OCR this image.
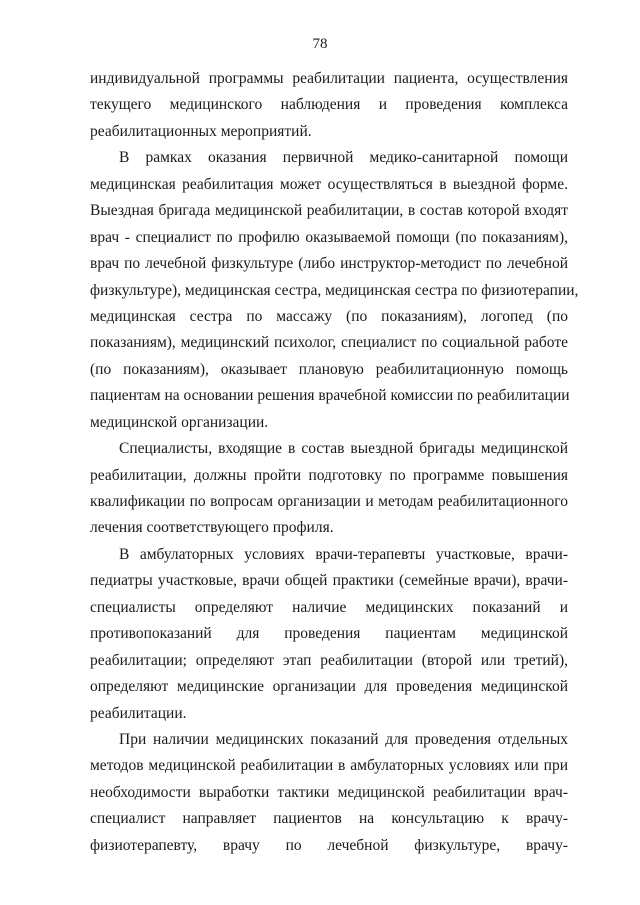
78
индивидуальной программы реабилитации пациента, осуществления
текущего медицинского наблюдения и проведения комплекса
реабилитационных мероприятий.
В рамках оказания первичной медико-санитарной помощи
медицинская реабилитация может осуществляться в выездной форме.
Выездная бригада медицинской реабилитации, в состав которой входят
врач - специалист по профилю оказываемой помощи (по показаниям),
врач по лечебной физкультуре (либо инструктор-методист по лечебной
физкультуре), медицинская сестра, медицинская сестра по физиотерапии,
медицинская сестра по массажу (по показаниям), логопед (по
показаниям), медицинский психолог, специалист по социальной работе
(по показаниям), оказывает плановую реабилитационную помощь
пациентам на основании решения врачебной комиссии по реабилитации
медицинской организации.
Специалисты, входящие в состав выездной бригады медицинской
реабилитации, должны пройти подготовку по программе повышения
квалификации по вопросам организации и методам реабилитационного
лечения соответствующего профиля.
В амбулаторных условиях врачи-терапевты участковые, врачи-
педиатры участковые, врачи общей практики (семейные врачи), врачи-
специалисты определяют наличие медицинских показаний и
противопоказаний для проведения пациентам медицинской
реабилитации; определяют этап реабилитации (второй или третий),
определяют медицинские организации для проведения медицинской
реабилитации.
При наличии медицинских показаний для проведения отдельных
методов медицинской реабилитации в амбулаторных условиях или при
необходимости выработки тактики медицинской реабилитации врач-
специалист направляет пациентов на консультацию к врачу-
физиотерапевту, врачу по лечебной физкультуре, врачу-
